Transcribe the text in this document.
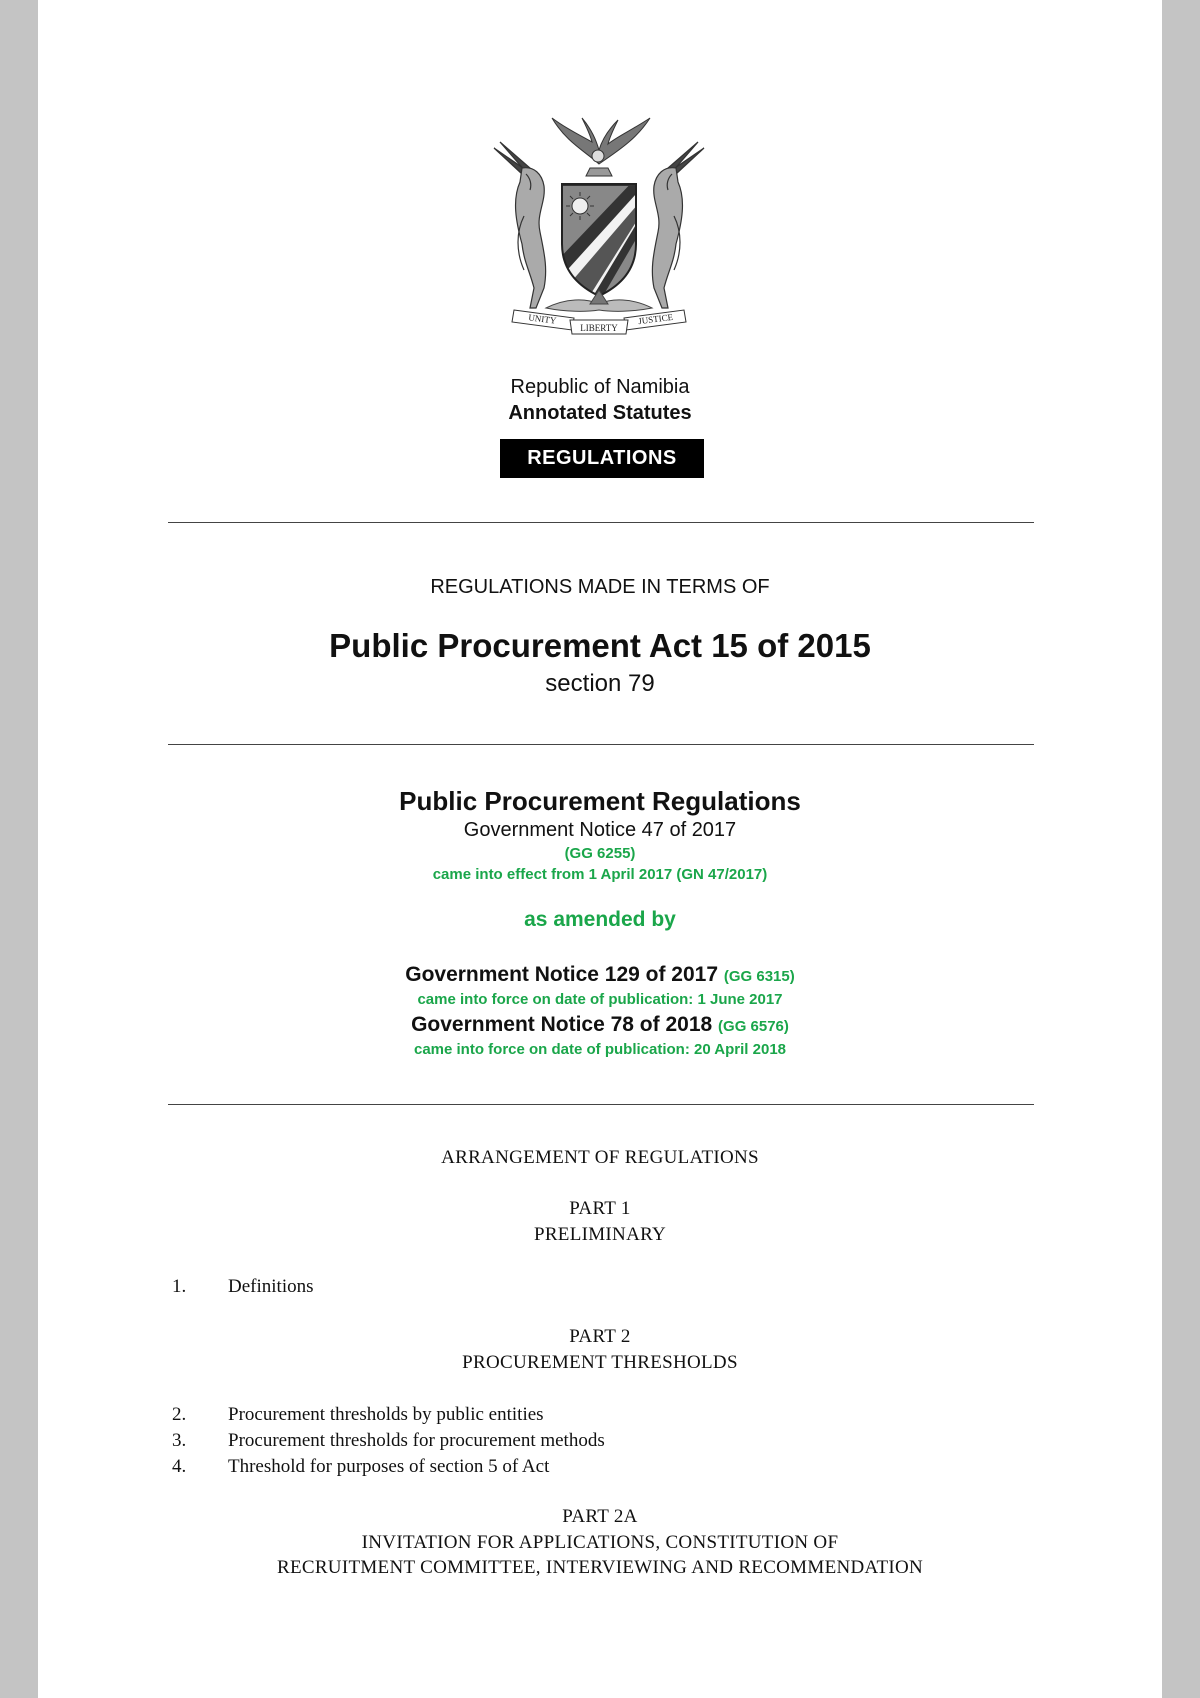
UNITY
LIBERTY
JUSTICE
Republic of Namibia
Annotated Statutes
REGULATIONS
REGULATIONS MADE IN TERMS OF
Public Procurement Act 15 of 2015
section 79
Public Procurement Regulations
Government Notice 47 of 2017
(GG 6255)
came into effect from 1 April 2017 (GN 47/2017)
as amended by
Government Notice 129 of 2017 (GG 6315)
came into force on date of publication: 1 June 2017
Government Notice 78 of 2018 (GG 6576)
came into force on date of publication: 20 April 2018
ARRANGEMENT OF REGULATIONS
PART 1
PRELIMINARY
1. Definitions
PART 2
PROCUREMENT THRESHOLDS
2. Procurement thresholds by public entities
3. Procurement thresholds for procurement methods
4. Threshold for purposes of section 5 of Act
PART 2A
INVITATION FOR APPLICATIONS, CONSTITUTION OF
RECRUITMENT COMMITTEE, INTERVIEWING AND RECOMMENDATION
